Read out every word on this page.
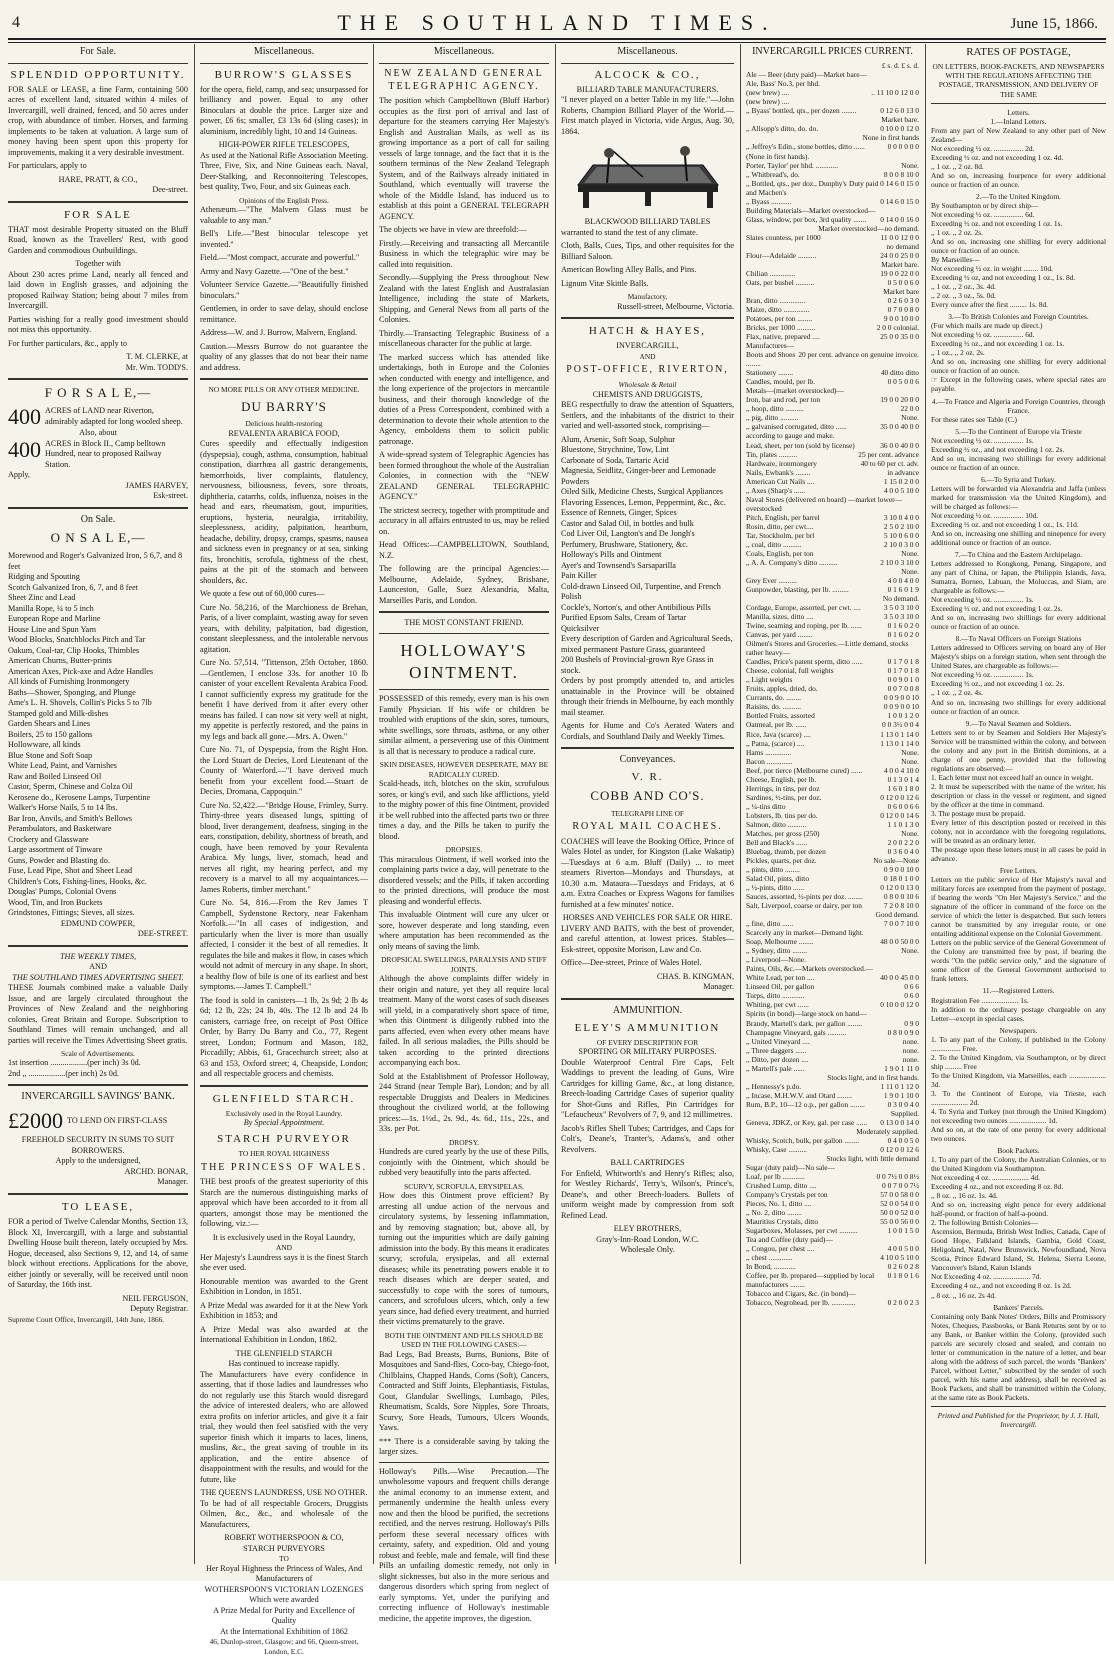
4	THE SOUTHLAND TIMES.	June 15, 1866.
For Sale.
SPLENDID OPPORTUNITY.

FOR SALE or LEASE, a fine Farm, containing 500 acres of excellent land, situated within 4 miles of Invercargill, well drained, fenced, and 50 acres under crop, with abundance of timber. Horses, and farming implements to be taken at valuation. A large sum of money having been spent upon this property for improvements, making it a very desirable investment.

For particulars, apply to

HARE, PRATT, & CO.,
Dee-street.
FOR SALE

THAT most desirable Property situated on the Bluff Road, known as the Travellers' Rest, with good Garden and commodious Outbuildings.

Together with

About 230 acres prime Land, nearly all fenced and laid down in English grasses, and adjoining the proposed Railway Station; being about 7 miles from Invercargill.

Parties wishing for a really good investment should not miss this opportunity.

For further particulars, &c., apply to

T. M. CLERKE, at
Mr. Wm. TODD'S.
F O R S A L E,—
400 ACRES of LAND near Riverton, admirably adapted for long wooled sheep.
Also, about
400 ACRES in Block II., Camp belltown Hundred, near to proposed Railway Station.
Apply,
JAMES HARVEY,
Esk-street.
On Sale.
O N S A L E,—
Morewood and Roger's Galvanized Iron, 5 6,7, and 8 feet
Ridging and Spouting
Scotch Galvanized Iron, 6, 7, and 8 feet
Sheet Zinc and Lead
Manilla Rope, ¼ to 5 inch
European Rope and Marline
House Line and Spun Yarn
Wood Blocks, Snatchblocks Pitch and Tar
Oakum, Coal-tar, Clip Hooks, Thimbles
American Churns, Butter-prints
American Axes, Pick-axe and Adze Handles
All kinds of Furnishing Ironmongery
Baths—Shower, Sponging, and Plunge
Ame's L. H. Shovels, Collin's Picks 5 to 7lb
Stamped gold and Milk-dishes
Garden Shears and Lines
Boilers, 25 to 150 gallons
Hollowware, all kinds
Blue Stone and Soft Soap
White Lead, Paint, and Varnishes
Raw and Boiled Linseed Oil
Castor, Sperm, Chinese and Colza Oil
Kerosene do., Kerosene Lamps, Turpentine
Walker's Horse Nails, 5 to 14 lbs.
Bar Iron, Anvils, and Smith's Bellows
Perambulators, and Basketware
Crockery and Glassware
Large assortment of Tinware
Guns, Powder and Blasting do.
Fuse, Lead Pipe, Shot and Sheet Lead
Children's Cots, Fishing-lines, Hooks, &c.
Douglas' Pumps, Colonial Ovens
Wood, Tin, and Iron Buckets
Grindstones, Fittings; Sieves, all sizes.
EDMUND COWPER,
DEE-STREET.
THE WEEKLY TIMES,
AND
THE SOUTHLAND TIMES ADVERTISING SHEET.

THESE Journals combined make a valuable Daily Issue, and are largely circulated throughout the Provinces of New Zealand and the neighboring colonies, Great Britain and Europe. Subscription to Southland Times will remain unchanged, and all parties will receive the Times Advertising Sheet gratis.

Scale of Advertisements.
1st insertion ..................(per inch) 3s 0d.
2nd ,, ..................(per inch) 2s 0d.
INVERCARGILL SAVINGS' BANK.
£2000 TO LEND ON FIRST-CLASS
FREEHOLD SECURITY IN SUMS TO SUIT BORROWERS.
Apply to the undersigned,
ARCHD. BONAR,
Manager.
TO LEASE,

FOR a period of Twelve Calendar Months, Section 13, Block XI, Invercargill, with a large and substantial Dwelling House built thereon, lately occupied by Mrs. Hogue, deceased, also Sections 9, 12, and 14, of same block without erections. Applications for the above, either jointly or severally, will be received until noon of Saturday, the 16th inst.

NEIL FERGUSON,
Deputy Registrar.
Supreme Court Office, Invercargill, 14th June, 1866.
Miscellaneous.
BURROW'S GLASSES

for the opera, field, camp, and sea; unsurpassed for brilliancy and power. Equal to any other Binoculars at double the price. Larger size and power, £6 6s; smaller, £3 13s 6d (sling cases); in aluminium, incredibly light, 10 and 14 Guineas.

HIGH-POWER RIFLE TELESCOPES,

As used at the National Rifle Association Meeting. Three, Five, Six, and Nine Guineas each. Naval, Deer-Stalking, and Reconnoitering Telescopes, best quality, Two, Four, and six Guineas each.

Opinions of the English Press.

Athenæum.—"The Malvern Glass must be valuable to any man."

Bell's Life.—"Best binocular telescope yet invented."

Field.—"Most compact, accurate and powerful."

Army and Navy Gazette.—"One of the best."

Volunteer Service Gazette.—"Beautifully finished binoculars."

Gentlemen, in order to save delay, should enclose remittance.

Address—W. and J. Burrow, Malvern, England.

Caution.—Messrs Burrow do not guarantee the quality of any glasses that do not bear their name and address.

NO MORE PILLS OR ANY OTHER MEDICINE.
DU BARRY'S
Delicious health-restoring
REVALENTA ARABICA FOOD,

Cures speedily and effectually indigestion (dyspepsia), cough, asthma, consumption, habitual constipation, diarrhœa all gastric derangements, hæmorrhoids, liver complaints, flatulency, nervousness, biliousness, fevers, sore throats, diphtheria, catarrhs, colds, influenza, noises in the head and ears, rheumatism, gout, impurities, eruptions, hysteria, neuralgia, irritability, sleeplessness, acidity, palpitation, heartburn, headache, debility, dropsy, cramps, spasms, nausea and sickness even in pregnancy or at sea, sinking fits, bronchitis, scrofula, tightness of the chest, pains at the pit of the stomach and between shoulders, &c.

We quote a few out of 60,000 cures—

Cure No. 58,216, of the Marchioness de Brehan, Paris, of a liver complaint, wasting away for seven years, with debility, palpitation, bad digestion, constant sleeplessness, and the intolerable nervous agitation.

Cure No. 57,514. "Tittenson, 25th October, 1860.—Gentlemen, I enclose 33s. for another 10 lb canister of your excellent Revalenta Arabica Food. I cannot sufficiently express my gratitude for the benefit I have derived from it after every other means has failed. I can now sit very well at night, my appetite is perfectly restored, and the pains in my legs and back all gone.—Mrs. A. Owen."

Cure No. 71, of Dyspepsia, from the Right Hon. the Lord Stuart de Decies, Lord Lieutenant of the County of Waterford.—"I have derived much benefit from your excellent food.—Stuart de Decies, Dromana, Cappoquin."

Cure No. 52,422.—"Bridge House, Frimley, Surry. Thirty-three years diseased lungs, spitting of blood, liver derangement, deafness, singing in the ears, constipation, debility, shortness of breath, and cough, have been removed by your Revalenta Arabica. My lungs, liver, stomach, head and nerves all right, my hearing perfect, and my recovery is a marvel to all my acquaintances.—James Roberts, timber merchant."

Cure No. 54, 816.—From the Rev James T Campbell, Sydenstone Rectory, near Fakenham Norfolk.—"In all cases of indigestion, and particularly when the liver is more than usually affected, I consider it the best of all remedies. It regulates the bile and makes it flow, in cases which would not admit of mercury in any shape. In short, a healthy flow of bile is one of its earliest and best symptoms.—James T. Campbell."

The food is sold in canisters—1 lb, 2s 9d; 2 lb 4s 6d; 12 lb, 22s; 24 lb, 40s. The 12 lb and 24 lb canisters, carriage free, on receipt of Post Office Order, by Barry Du Barry and Co., 77, Regent street, London; Fortnum and Mason, 182, Piccadilly; Abbis, 61, Gracechurch street; also at 63 and 153, Oxford street; 4, Cheapside, London; and all respectable grocers and chemists.

GLENFIELD STARCH.
Exclusively used in the Royal Laundry.
By Special Appointment.
STARCH PURVEYOR
TO HER ROYAL HIGHNESS
THE PRINCESS OF WALES.

THE best proofs of the greatest superiority of this Starch are the numerous distinguishing marks of approval which have been accorded to it from all quarters, amongst those may be mentioned the following, viz.:—

It is exclusively used in the Royal Laundry,
AND

Her Majesty's Laundress says it is the finest Starch she ever used.

Honourable mention was awarded to the Grent Exhibition in London, in 1851.

A Prize Medal was awarded for it at the New York Exhibition in 1853; and

A Prize Medal was also awarded at the International Exhibition in London, 1862.

THE GLENFIELD STARCH
Has continued to increase rapidly.

The Manufacturers have every confidence in asserting, that if those ladies and laundresses who do not regularly use this Starch would disregard the advice of interested dealers, who are allowed extra profits on inferior articles, and give it a fair trial, they would then feel satisfied with the very superior finish which it imparts to laces, linens, muslins, &c., the great saving of trouble in its application, and the entire absence of disappointment with the results, and would for the future, like

THE QUEEN'S LAUNDRESS, USE NO OTHER.

To be had of all respectable Grocers, Druggists Oilmen, &c., &c., and wholesale of the Manufacturers,

ROBERT WOTHERSPOON & CO,
STARCH PURVEYORS
TO
Her Royal Highness the Princess of Wales, And Manufacturers of
WOTHERSPOON'S VICTORIAN LOZENGES
Which were awarded
A Prize Medal for Purity and Excellence of Quality
At the International Exhibition of 1862
46, Dunlop-street, Glasgow; and 66, Queen-street, London, E.C.
Miscellaneous.
NEW ZEALAND GENERAL TELEGRAPHIC AGENCY.

The position which Campbelltown (Bluff Harbor) occupies as the first port of arrival and last of departure for the steamers carrying Her Majesty's English and Australian Mails, as well as its growing importance as a port of call for sailing vessels of large tonnage, and the fact that it is the southern terminus of the New Zealand Telegraph System, and of the Railways already initiated in Southland, which eventually will traverse the whole of the Middle Island, has induced us to establish at this point a GENERAL TELEGRAPH AGENCY.

The objects we have in view are threefold:—

Firstly.—Receiving and transacting all Mercantile Business in which the telegraphic wire may be called into requisition.

Secondly.—Supplying the Press throughout New Zealand with the latest English and Australasian Intelligence, including the state of Markets, Shipping, and General News from all parts of the Colonies.

Thirdly.—Transacting Telegraphic Business of a miscellaneous character for the public at large.

The marked success which has attended like undertakings, both in Europe and the Colonies when conducted with energy and intelligence, and the long experience of the projectors in mercantile business, and their thorough knowledge of the duties of a Press Correspondent, combined with a determination to devote their whole attention to the Agency, emboldens them to solicit public patronage.

A wide-spread system of Telegraphic Agencies has been formed throughout the whole of the Australian Colonies, in connection with the "NEW ZEALAND GENERAL TELEGRAPHIC AGENCY."

The strictest secrecy, together with promptitude and accuracy in all affairs entrusted to us, may be relied on.

Head Offices:—CAMPBELLTOWN, Southland, N.Z.

The following are the principal Agencies:—Melbourne, Adelaide, Sydney, Brisbane, Launceston, Galle, Suez Alexandria, Malta, Marseilles Paris, and London.

THE MOST CONSTANT FRIEND.
HOLLOWAY'S OINTMENT.

POSSESSED of this remedy, every man is his own Family Physician. If his wife or children be troubled with eruptions of the skin, sores, tumours, white swellings, sore throats, asthma, or any other similar ailment, a persevering use of this Ointment is all that is necessary to produce a radical cure.

SKIN DISEASES, HOWEVER DESPERATE, MAY BE RADICALLY CURED.

Scald-heads, itch, blotches on the skin, scrofulous sores, or king's evil, and such like afflictions, yield to the mighty power of this fine Ointment, provided it be well rubbed into the affected parts two or three times a day, and the Pills be taken to purify the blood.

DROPSIES.

This miraculous Ointment, if well worked into the complaining parts twice a day, will penetrate to the disordered vessels; and the Pills, if taken according to the printed directions, will produce the most pleasing and wonderful effects.

This invaluable Ointment will cure any ulcer or sore, however desperate and long standing, even where amputation has been recommended as the only means of saving the limb.

DROPSICAL SWELLINGS, PARALYSIS AND STIFF JOINTS.

Although the above complaints differ widely in their origin and nature, yet they all require local treatment. Many of the worst cases of such diseases will yield, in a comparatively short space of time, when this Ointment is diligently rubbed into the parts affected, even when every other means have failed. In all serious maladies, the Pills should be taken according to the printed directions accompanying each box.

Sold at the Establishment of Professor Holloway, 244 Strand (near Temple Bar), London; and by all respectable Druggists and Dealers in Medicines throughout the civilized world, at the following prices:—1s. 1½d., 2s. 9d., 4s. 6d., 11s., 22s., and 33s. per Pot.

DROPSY.

Hundreds are cured yearly by the use of these Pills, conjointly with the Ointment, which should be rubbed very beautifully into the parts affected.

SCURVY, SCROFULA, ERYSIPELAS.

How does this Ointment prove efficient? By arresting all undue action of the nervous and circulatory systems, by lessening inflammation, and by removing stagnation; but, above all, by turning out the impurities which are daily gaining admission into the body. By this means it eradicates scurvy, scrofula, erysipelas, and all external diseases; while its penetrating powers enable it to reach diseases which are deeper seated, and successfully to cope with the sores of tumours, cancers, and scrofulous ulcers, which, only a few years since, had defied every treatment, and hurried their victims prematurely to the grave.

BOTH THE OINTMENT AND PILLS SHOULD BE USED IN THE FOLLOWING CASES:—

Bad Legs, Bad Breasts, Burns, Bunions, Bite of Mosquitoes and Sand-flies, Coco-bay, Chiego-foot, Chilblains, Chapped Hands, Corns (Soft), Cancers, Contracted and Stiff Joints, Elephantiasis, Fistulas, Gout, Glandular Swellings, Lumbago, Piles, Rheumatism, Scalds, Sore Nipples, Sore Throats, Scurvy, Sore Heads, Tumours, Ulcers Wounds, Yaws.

*** There is a considerable saving by taking the larger sizes.

Holloway's Pills.—Wise Precaution.—The unwholesome vapours and frequent chills derange the animal economy to an immense extent, and permanently undermine the health unless every now and then the blood be purified, the secretions rectified, and the nerves restrung. Holloway's Pills perform these several necessary offices with certainty, safety, and expedition. Old and young robust and feeble, male and female, will find these Pills an unfailing domestic remedy, not only in slight sicknesses, but also in the more serious and dangerous disorders which spring from neglect of early symptoms. Yet, under the purifying and correcting influence of Holloway's inestimable medicine, the appetite improves, the digestion.

Miscellaneous.
ALCOCK & CO.,
BILLIARD TABLE MANUFACTURERS.

"I never played on a better Table in my life."—John Roberts, Champion Billiard Player of the World.—First match played in Victoria, vide Argus, Aug. 30, 1864.

BLACKWOOD BILLIARD TABLES

warranted to stand the test of any climate.

Cloth, Balls, Cues, Tips, and other requisites for the Billiard Saloon.

American Bowling Alley Balls, and Pins.

Lignum Vitæ Skittle Balls.

Manufactory,
Russell-street, Melbourne, Victoria.
HATCH & HAYES,
INVERCARGILL,
AND
POST-OFFICE, RIVERTON,
Wholesale & Retail
CHEMISTS AND DRUGGISTS,

BEG respectfully to draw the attention of Squatters, Settlers, and the inhabitants of the district to their varied and well-assorted stock, comprising—

Alum, Arsenic, Soft Soap, Sulphur
Bluestone, Strychnine, Tow, Lint
Carbonate of Soda, Tartaric Acid
Magnesia, Seidlitz, Ginger-beer and Lemonade Powders
Oiled Silk, Medicine Chests, Surgical Appliances
Flavoring Essences, Lemon, Peppermint, &c., &c.
Essence of Rennets, Ginger, Spices
Castor and Salad Oil, in bottles and bulk
Cod Liver Oil, Langton's and De Jongh's
Perfumery, Brushware, Stationery, &c.
Holloway's Pills and Ointment
Ayer's and Townsend's Sarsaparilla
Pain Killer
Cold-drawn Linseed Oil, Turpentine, and French Polish
Cockle's, Norton's, and other Antibilious Pills
Purified Epsom Salts, Cream of Tartar
Quicksilver
Every description of Garden and Agricultural Seeds, mixed permanent Pasture Grass, guaranteed
200 Bushels of Provincial-grown Rye Grass in stock.

Orders by post promptly attended to, and articles unattainable in the Province will be obtained through their friends in Melbourne, by each monthly mail steamer.

Agents for Hume and Co's Aerated Waters and Cordials, and Southland Daily and Weekly Times.

Conveyances.
V. R.
COBB AND CO'S.
TELEGRAPH LINE OF
ROYAL MAIL COACHES.

COACHES will leave the Booking Office, Prince of Wales Hotel as under, for Kingston (Lake Wakatip)—Tuesdays at 6 a.m. Bluff (Daily) ... to meet steamers Riverton—Mondays and Thursdays, at 10.30 a.m. Mataura—Tuesdays and Fridays, at 6 a.m. Extra Coaches or Express Wagons for families furnished at a few minutes' notice.

HORSES AND VEHICLES FOR SALE OR HIRE.

LIVERY AND BAITS, with the best of provender, and careful attention, at lowest prices. Stables—Esk-street, opposite Morison, Law and Co.

Office—Dee-street, Prince of Wales Hotel.

CHAS. B. KINGMAN,
Manager.
AMMUNITION.
ELEY'S AMMUNITION
OF EVERY DESCRIPTION FOR
SPORTING OR MILITARY PURPOSES.

Double Waterproof Central Fire Caps, Felt Waddings to prevent the leading of Guns, Wire Cartridges for killing Game, &c., at long distance, Breech-loading Cartridge Cases of superior quality for Shot-Guns and Rifles, Pin Cartridges for "Lefaucheux" Revolvers of 7, 9, and 12 millimetres.

Jacob's Rifles Shell Tubes; Cartridges, and Caps for Colt's, Deane's, Tranter's, Adams's, and other Revolvers.

BALL CARTRIDGES

For Enfield, Whitworth's and Henry's Rifles; also, for Westley Richards', Terry's, Wilson's, Prince's, Deane's, and other Breech-loaders. Bullets of uniform weight made by compression from soft Refined Lead.

ELEY BROTHERS,
Gray's-Inn-Road London, W.C.
Wholesale Only.
INVERCARGILL PRICES CURRENT.
£ s. d. £ s. d.
Ale — Beer (duty paid)—Market bare—
Ale, Bass' No.3, per hhd.
(new brew) ....	.. 11 10 0 12 0 0
(new brew) ....
,, Byass' bottled, qts., per dozen ........	0 12 6 0 13 0
Market bare.
,, Allsopp's ditto, do. do.	0 10 0 0 12 0
None in first hands
,, Jeffrey's Edin., stone bottles, ditto ......	0 0 0 0 0 0
(None in first hands).
Porter, Taylor' per hhd. ............	None.
,, Whitbread's, do.	8 0 0 8 10 0
,, Bottled, qts., per doz., Dunphy's and Machen's
Duty paid 0 14 6 0 15 0
,, Byass ...........	0 14 6 0 15 0
Building Materials—Market overstocked—
Glass, window, per box, 3rd quality ....... 0 14 0 0 16 0
Market overstocked—no demand.
Slates countess, per 1000	11 0 0 12 0 0
no demand
Flour—Adelaide ..........	24 0 0 25 0 0
Market bare.
Chilian ..............	19 0 0 22 0 0
Oats, per bushel ..........	0 5 0 0 6 0
Market bare
Bran, ditto ..............	0 2 6 0 3 0
Maize, ditto ..............	0 7 0 0 8 0
Potatoes, per ton ........	9 0 0 10 0 0
Bricks, per 1000 ..........	2 0 0 colonial.
Flax, native, prepared ....	25 0 0 35 0 0
Manufactures—
Boots and Shoes ........
20 per cent. advance on genuine invoice.
Stationery ........	40 ditto ditto
Candles, mould, per lb.	0 0 5 0 0 6
Metals—(market overstocked)—
Iron, bar and rod, per ton	19 0 0 20 0 0
,, hoop, ditto ..........	22 0 0
,, pig, ditto ..........	None.
,, galvanised corrugated, ditto ......	35 0 0 40 0 0
according to gauge and make.
Lead, sheet, per ton (sold by license)	36 0 0 40 0 0
Tin, plates ..........	25 per cent. advance
Hardware, ironmongery	40 to 60 per ct. adv.
Nails, Ewbank's ........	in advance
American Cut Nails ....	1 15 0 2 0 0
,, Axes (Sharp's ......	4 0 0 5 10 0
Naval Stores (delivered on board) —market lower—
overstocked
Pitch, English, per barrel	3 10 0 4 0 0
Rosin, ditto, per cwt....	2 5 0 2 10 0
Tar, Stockholm, per brl	5 10 0 6 0 0
,, coal, ditto ..........	2 10 0 3 0 0
Coals, English, per ton	None.
,, A. A. Company's ditto ..........	2 10 0 3 10 0
None.
Grey Ever ..........	4 0 0 4 0 0
Gunpowder, blasting, per lb. .........	0 1 6 0 1 9
No demand.
Cordage, Europe, assorted, per cwt. ....	3 5 0 3 10 0
Manilla, sizes, ditto ....	3 5 0 3 10 0
Twine, seaming and roping, per lb. ......	0 1 6 0 2 0
Canvas, per yard ........	0 1 6 0 2 0
Oilmen's Stores and Groceries.—Little demand, stocks rather heavy—
Candles, Price's patent sperm, ditto ......	0 1 7 0 1 8
Cheese, colonial, full weights	0 1 7 0 1 8
,, Light weights	0 0 9 0 1 0
Fruits, apples, dried, do.	0 0 7 0 0 8
Currants, do. ........	0 0 9 0 0 10
Raisins, do. ..........	0 0 9 0 0 10
Bottled Fruits, assorted	1 0 0 1 2 0
Oatmeal, per lb. ......	0 0 3½ 0 0 4
Rice, Java (scarce) ....	1 13 0 1 14 0
,, Patna, (scarce) ....	1 13 0 1 14 0
Hams ..............	None.
Bacon ..............	None.
Beef, por tierce (Melbourne cured) ......	4 0 0 4 10 0
Cheese, English, per lb.	0 1 3 0 1 4
Herrings, in tins, per doz	1 6 0 1 8 0
Sardines, ½-tins, per doz.	0 12 0 0 12 6
,, ¼-tins ditto	0 6 0 0 6 6
Lobsters, lb. tins per do.	0 12 0 0 14 6
Salmon, ditto ..........	1 1 0 1 3 0
Matches, per gross (250)	None.
Bell and Black's ......	2 0 0 2 2 0
Bluebag, thumb, per dozen	0 3 6 0 4 0
Pickles, quarts, per doz.	No sale—None
,, pints, ditto ........	0 9 0 0 10 0
Salad Oil, pints, ditto	0 18 0 1 0 0
,, ½-pints, ditto ......	0 12 0 0 13 0
Sauces, assorted, ½-pints per doz. ........	0 8 0 0 10 6
Salt, Liverpool, coarse or dairy, per ton	7 2 0 8 10 0
Good demand.
,, fine, ditto ......	7 0 0 7 10 0
Scarcely any in market—Demand light.
Soap, Melbourne ........	48 0 0 50 0 0
,, Sydney, ditto ........	None.
,, Liverpool—None.
Paints, Oils, &c.—Markets overstocked.—
White Lead, per ton ....	40 0 0 45 0 0
Linseed Oil, per gallon	0 6 6
Turps, ditto ............	0 6 0
Whiting, per cwt ......	0 10 0 0 12 0
Spirits (in bond)—large stock on hand—
Brandy, Martell's dark, per gallon ........	0 9 0
Champagne Vineyard, gals ..........	0 8 0 0 9 0
,, United Vineyard ....	none.
,, Three daggers ......	none.
,, Ditto, per dozen ....	none.
,, Martell's pale ......	1 9 0 1 11 0
Stocks light, and in first hands.
,, Hennessy's p.do.	1 11 0 1 12 0
,, Incase, M.H.W.V. and Otard ........	1 9 0 1 10 0
Rum, B.P., 10—12 o.p., per gallon ........	0 3 0 0 4 0
Supplied.
Geneva, JDKZ, or Key, gal. per case ...... 0 13 0 0 14 0
Moderately supplied.
Whisky, Scotch, bulk, per gallon ........	0 4 0 0 5 0
Whisky, Case ..........	0 12 0 0 12 6
Stocks light, with little demand
Sugar (duty paid)—No sale—
Loaf, per lb ............	0 0 7½ 0 0 8½
Crushed Lump, ditto ....	0 0 7 0 0 7½
Company's Crystals per ton	57 0 0 58 0 0
Pieces, No. 1, ditto ....	52 0 0 54 0 0
,, No. 2, ditto ........	50 0 0 52 0 0
Mauritius Crystals, ditto	55 0 0 56 0 0
Sugarboxes, Molasses, per cwt ..........	1 0 0 1 5 0
Tea and Coffee (duty paid)—
,, Congou, per chest ....	4 0 0 5 0 0
,, chest .............	4 10 0 5 10 0
In Bond, ............	0 2 6 0 2 8
Coffee, per lb. prepared—supplied by local manufacturers ........
0 1 8 0 1 6
Tobacco and Cigars, &c. (in bond)—
Tobacco, Negrohead, per lb. .............	0 2 0 0 2 3
RATES OF POSTAGE,
ON LETTERS, BOOK-PACKETS, AND NEWSPAPERS WITH THE REGULATIONS AFFECTING THE POSTAGE, TRANSMISSION, AND DELIVERY OF THE SAME
Letters.
1.—Inland Letters.

From any part of New Zealand to any other part of New Zealand—
Not exceeding ½ oz. ................ 2d.
Exceeding ½ oz. and not exceeding 1 oz. 4d.
,, 1 oz. ,, 2 oz. 8d.
And so on, increasing fourpence for every additional ounce or fraction of an ounce.

2.—To the United Kingdom.

By Southampton or by direct ship—
Not exceeding ½ oz. ................ 6d.
Exceeding ½ oz. and not exceeding 1 oz. 1s.
,, 1 oz. ,, 2 oz. 2s.
And so on, increasing one shilling for every additional ounce or fraction of an ounce.
By Marseilles—
Not exceeding ½ oz. in weight ........ 10d.
Exceeding ½ oz, and not exceeding 1 oz., 1s. 8d.
,, 1 oz. ,, 2 oz., 3s. 4d.
,, 2 oz. ,, 3 oz., 5s. 0d.
Every ounce after the first ......... 1s. 8d.

3.—To British Colonies and Foreign Countries.

(For which mails are made up direct.)
Not exceeding ½ oz. ................ 6d.
Exceeding ½ oz., and not exceeding 1 oz. 1s.
,, 1 oz., ,, 2 oz. 2s.
And so on, increasing one shilling for every additional ounce or fraction of an ounce.
☞ Except in the following cases, where special rates are payable.

4.—To France and Algeria and Foreign Countries, through France.

For these rates see Table (C.)

5.—To the Continent of Europe via Trieste

Not exceeding ½ oz. ................ 1s.
Exceeding ½ oz., and not exceeding 1 oz. 2s.
And so on, increasing two shillings for every additional ounce or fraction of an ounce.

6.—To Syria and Turkey.

Letters will be forwarded via Alexandria and Jaffa (unless marked for transmission via the United Kingdom), and will be charged as follows:—
Not exceeding ½ oz. ................ 10d.
Exceeding ½ oz. and not exceeding 1 oz., 1s. 11d.
And so on, increasing one shilling and ninepence for every additional ounce or fraction of an ounce.

7.—To China and the Eastern Archipelago.

Letters addressed to Kongkong, Penang, Singapore, and any part of China, or Japan, the Philippin Islands, Java, Sumatra, Borneo, Labuan, the Moluccas, and Siam, are chargeable as follows:—
Not exceeding ½ oz. ................ 1s.
Exceeding ½ oz. and not exceeding 1 oz. 2s.
And so on, increasing two shillings for every additional ounce or fraction of an ounce.

8.—To Naval Officers on Foreign Stations

Letters addressed to Officers serving on board any of Her Majesty's ships on a foreign station, when sent through the United States, are chargeable as follows:—
Not exceeding ½ oz. ................ 1s.
Exceeding ½ oz., and not exceeding 1 oz. 2s.
,, 1 oz. ,, 2 oz. 4s.
And so on, increasing two shillings for every additional ounce or fraction of an ounce.

9.—To Naval Seamen and Soldiers.

Letters sent to or by Seamen and Soldiers Her Majesty's Service will be transmitted within the colony, and between the colony and any port in the British dominions, at a charge of one penny, provided that the following regulations are observed:—
1. Each letter must not exceed half an ounce in weight.
2. It must be superscribed with the name of the writer, his description or class in the vessel or regiment, and signed by the officer at the time in command.
3. The postage must be prepaid.
Every letter of this description posted or received in this colony, not in accordance with the foregoing regulations, will be treated as an ordinary letter.
The postage upon these letters must in all cases be paid in advance.

Free Letters.

Letters on the public service of Her Majesty's naval and military forces are exempted from the payment of postage, if bearing the words "On Her Majesty's Service," and the signature of the officer in command of the force on the service of which the letter is despatched. But such letters cannot be transmitted by any irregular route, or one entailing additional expense on the Colonial Government.
Letters on the public service of the General Government of the Colony are transmitted free by post, if bearing the words "On the public service only," and the signature of some officer of the General Government authorised to frank letters.

11.—Registered Letters.

Registration Fee .................... 1s.
In addition to the ordinary postage chargeable on any Letter—except in special cases.

Newspapers.

1. To any part of the Colony, if published in the Colony ................ Free.
2. To the United Kingdom, via Southampton, or by direct ship ......... Free
To the United Kingdom, via Marseilles, each .................... 3d.
3. To the Continent of Europe, via Trieste, each .................... 2d.
4. To Syria and Turkey (not through the United Kingdom) not exceeding two ounces .................... 1d.
And so on, at the rate of one penny for every additional two ounces.

Book Packets.

1. To any part of the Colony, the Australian Colonies, or to the United Kingdom via Southampton.
Not exceeding 4 oz. .................... 4d.
Exceeding 4 oz., and not exceeding 8 oz. 8d.
,, 8 oz. ,, 16 oz. 1s. 4d.
And so on, increasing eight pence for every additional half-pound, or fraction of half-a-pound.
2. The following British Colonies—
Ascension, Bermuda, British West Indies, Canada, Cape of Good Hope, Falkland Islands, Gambia, Gold Coast, Heligoland, Natal, New Brunswick, Newfoundland, Nova Scotia, Prince Edward Island, St. Helena, Sierra Leone, Vancouver's Island, Kaiun Islands
Not Exceeding 4 oz. .................... 7d.
Exceeding 4 oz., and not exceeding 8 oz. 1s 2d.
,, 8 oz. ,, 16 oz. 2s 4d.

Bankers' Parcels.

Containing only Bank Notes' Orders, Bills and Promissory Notes, Cheques, Passbooks, or Bank Returns sent by or to any Bank, or Banker within the Colony, (provided such parcels are securely closed and sealed, and contain no letter or communication in the nature of a letter, and bear along with the address of such parcel, the words "Bankers' Parcel, without Letter," subscribed by the sender of such parcel, with his name and address), shall be received as Book Packets, and shall be transmitted within the Colony, at the same rate as Book Packets.

Printed and Published for the Proprietor, by J. J. Hall, Invercargill.
